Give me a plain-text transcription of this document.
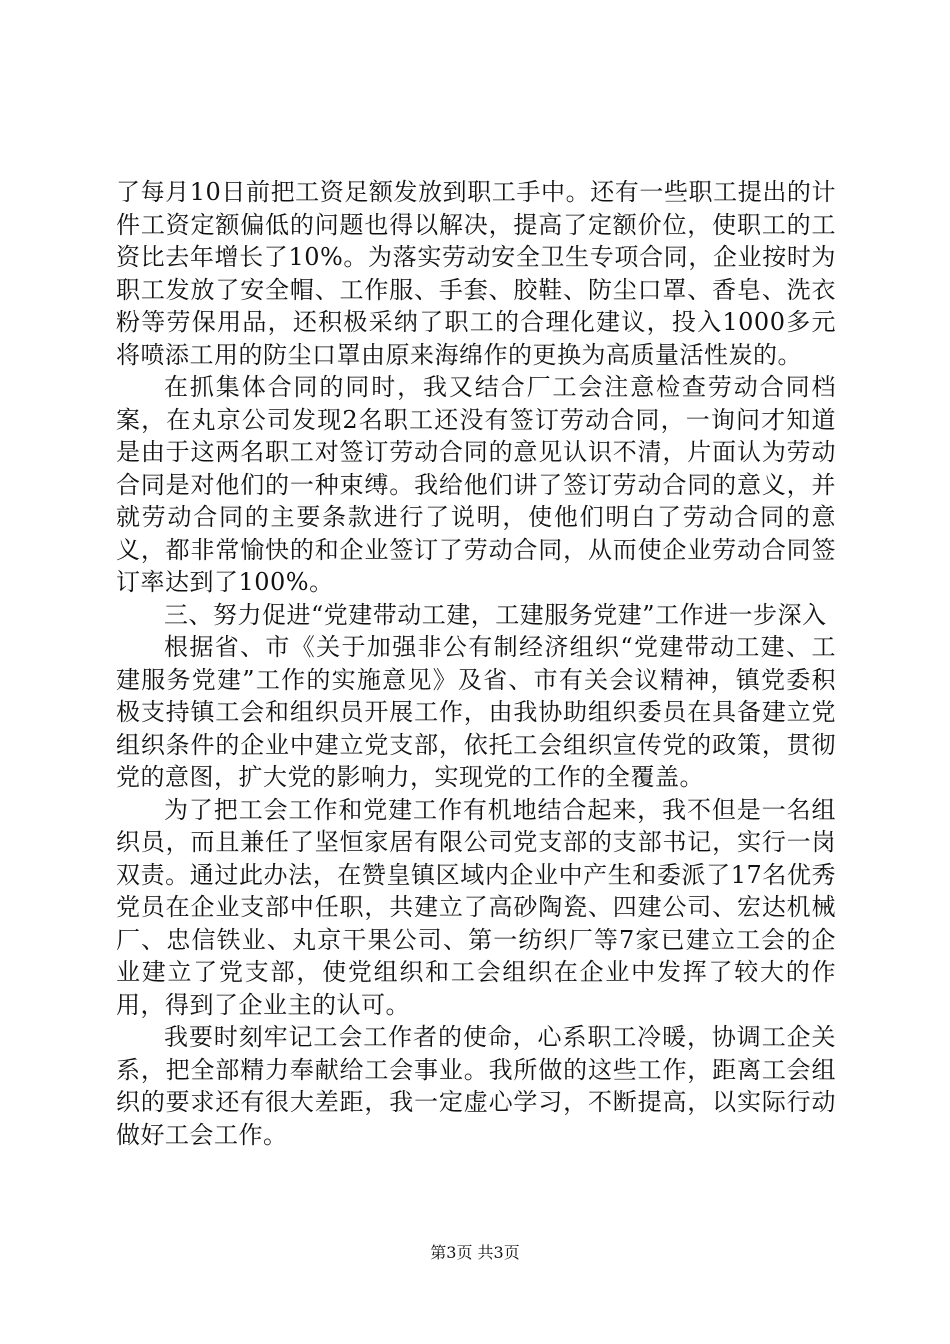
了每月10日前把工资足额发放到职工手中。还有一些职工提出的计件工资定额偏低的问题也得以解决，提高了定额价位，使职工的工资比去年增长了10%。为落实劳动安全卫生专项合同，企业按时为职工发放了安全帽、工作服、手套、胶鞋、防尘口罩、香皂、洗衣粉等劳保用品，还积极采纳了职工的合理化建议，投入1000多元将喷添工用的防尘口罩由原来海绵作的更换为高质量活性炭的。

在抓集体合同的同时，我又结合厂工会注意检查劳动合同档案，在丸京公司发现2名职工还没有签订劳动合同，一询问才知道是由于这两名职工对签订劳动合同的意见认识不清，片面认为劳动合同是对他们的一种束缚。我给他们讲了签订劳动合同的意义，并就劳动合同的主要条款进行了说明，使他们明白了劳动合同的意义，都非常愉快的和企业签订了劳动合同，从而使企业劳动合同签订率达到了100%。

三、努力促进“党建带动工建，工建服务党建”工作进一步深入

根据省、市《关于加强非公有制经济组织“党建带动工建、工建服务党建”工作的实施意见》及省、市有关会议精神，镇党委积极支持镇工会和组织员开展工作，由我协助组织委员在具备建立党组织条件的企业中建立党支部，依托工会组织宣传党的政策，贯彻党的意图，扩大党的影响力，实现党的工作的全覆盖。

为了把工会工作和党建工作有机地结合起来，我不但是一名组织员，而且兼任了坚恒家居有限公司党支部的支部书记，实行一岗双责。通过此办法，在赞皇镇区域内企业中产生和委派了17名优秀党员在企业支部中任职，共建立了高砂陶瓷、四建公司、宏达机械厂、忠信铁业、丸京干果公司、第一纺织厂等7家已建立工会的企业建立了党支部，使党组织和工会组织在企业中发挥了较大的作用，得到了企业主的认可。

我要时刻牢记工会工作者的使命，心系职工冷暖，协调工企关系，把全部精力奉献给工会事业。我所做的这些工作，距离工会组织的要求还有很大差距，我一定虚心学习，不断提高，以实际行动做好工会工作。

第3页 共3页
